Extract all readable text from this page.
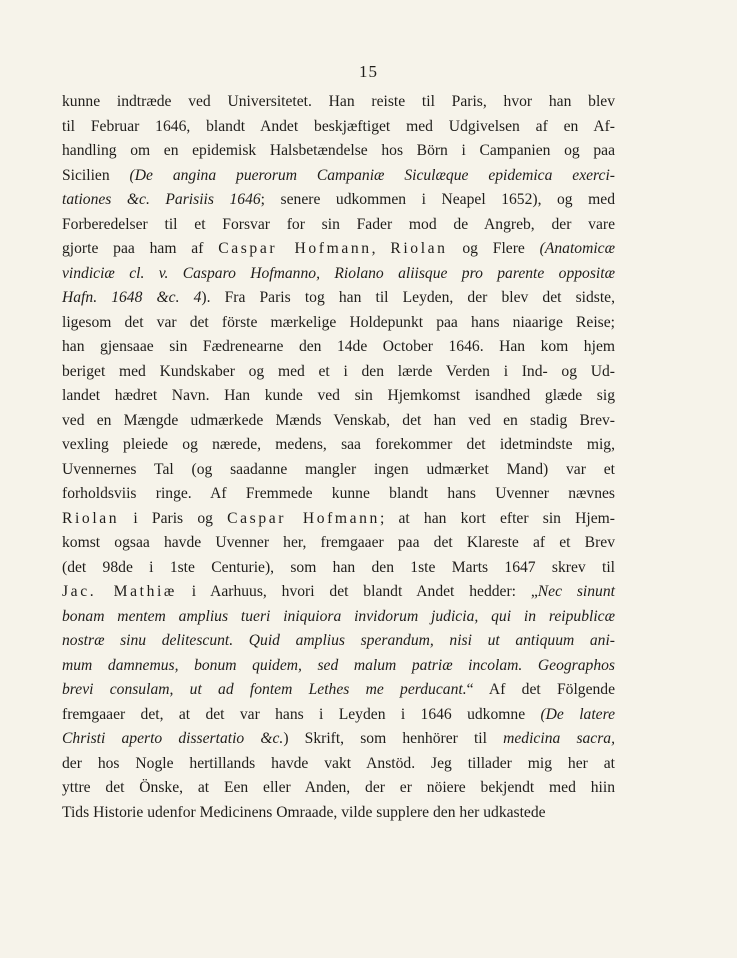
15
kunne indtræde ved Universitetet. Han reiste til Paris, hvor han blev
til Februar 1646, blandt Andet beskjæftiget med Udgivelsen af en Af-
handling om en epidemisk Halsbetændelse hos Börn i Campanien og paa
Sicilien (De angina puerorum Campaniæ Siculæque epidemica exerci-
tationes &c. Parisiis 1646; senere udkommen i Neapel 1652), og med
Forberedelser til et Forsvar for sin Fader mod de Angreb, der vare
gjorte paa ham af Caspar Hofmann, Riolan og Flere (Anatomicæ
vindiciæ cl. v. Casparo Hofmanno, Riolano aliisque pro parente oppositæ
Hafn. 1648 &c. 4). Fra Paris tog han til Leyden, der blev det sidste,
ligesom det var det förste mærkelige Holdepunkt paa hans niaarige Reise;
han gjensaae sin Fædrenearne den 14de October 1646. Han kom hjem
beriget med Kundskaber og med et i den lærde Verden i Ind- og Ud-
landet hædret Navn. Han kunde ved sin Hjemkomst isandhed glæde sig
ved en Mængde udmærkede Mænds Venskab, det han ved en stadig Brev-
vexling pleiede og nærede, medens, saa forekommer det idetmindste mig,
Uvennernes Tal (og saadanne mangler ingen udmærket Mand) var et
forholdsviis ringe. Af Fremmede kunne blandt hans Uvenner nævnes
Riolan i Paris og Caspar Hofmann; at han kort efter sin Hjem-
komst ogsaa havde Uvenner her, fremgaaer paa det Klareste af et Brev
(det 98de i 1ste Centurie), som han den 1ste Marts 1647 skrev til
Jac. Mathiæ i Aarhuus, hvori det blandt Andet hedder: „Nec sinunt
bonam mentem amplius tueri iniquiora invidorum judicia, qui in reipublicæ
nostræ sinu delitescunt. Quid amplius sperandum, nisi ut antiquum ani-
mum damnemus, bonum quidem, sed malum patriæ incolam. Geographos
brevi consulam, ut ad fontem Lethes me perducant.“ Af det Fölgende
fremgaaer det, at det var hans i Leyden i 1646 udkomne (De latere
Christi aperto dissertatio &c.) Skrift, som henhörer til medicina sacra,
der hos Nogle hertillands havde vakt Anstöd. Jeg tillader mig her at
yttre det Önske, at Een eller Anden, der er nöiere bekjendt med hiin
Tids Historie udenfor Medicinens Omraade, vilde supplere den her udkastede
